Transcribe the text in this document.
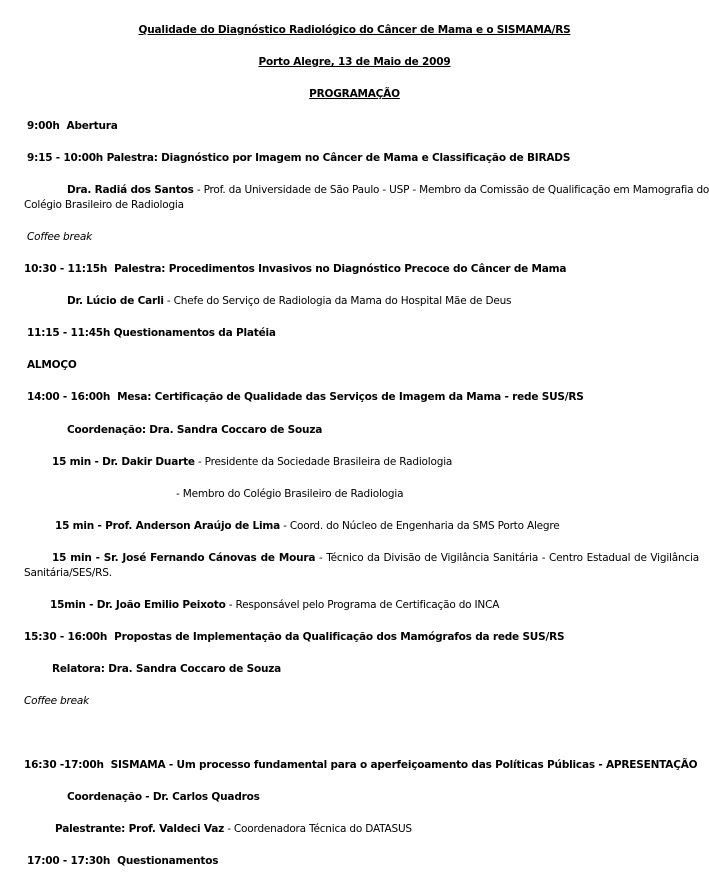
Qualidade do Diagnóstico Radiológico do Câncer de Mama e o SISMAMA/RS
Porto Alegre, 13 de Maio de 2009
PROGRAMAÇÃO
9:00h Abertura
9:15 - 10:00h Palestra: Diagnóstico por Imagem no Câncer de Mama e Classificação de BIRADS
Dra. Radiá dos Santos - Prof. da Universidade de São Paulo - USP - Membro da Comissão de Qualificação em Mamografia do
Colégio Brasileiro de Radiologia
Coffee break
10:30 - 11:15h Palestra: Procedimentos Invasivos no Diagnóstico Precoce do Câncer de Mama
Dr. Lúcio de Carli - Chefe do Serviço de Radiologia da Mama do Hospital Mãe de Deus
11:15 - 11:45h Questionamentos da Platéia
ALMOÇO
14:00 - 16:00h Mesa: Certificação de Qualidade das Serviços de Imagem da Mama - rede SUS/RS
Coordenação: Dra. Sandra Coccaro de Souza
15 min - Dr. Dakir Duarte - Presidente da Sociedade Brasileira de Radiologia
- Membro do Colégio Brasileiro de Radiologia
15 min - Prof. Anderson Araújo de Lima - Coord. do Núcleo de Engenharia da SMS Porto Alegre
15 min - Sr. José Fernando Cánovas de Moura - Técnico da Divisão de Vigilância Sanitária - Centro Estadual de Vigilância
Sanitária/SES/RS.
15min - Dr. João Emilio Peixoto - Responsável pelo Programa de Certificação do INCA
15:30 - 16:00h Propostas de Implementação da Qualificação dos Mamógrafos da rede SUS/RS
Relatora: Dra. Sandra Coccaro de Souza
Coffee break
16:30 -17:00h SISMAMA - Um processo fundamental para o aperfeiçoamento das Políticas Públicas - APRESENTAÇÃO
Coordenação - Dr. Carlos Quadros
Palestrante: Prof. Valdeci Vaz - Coordenadora Técnica do DATASUS
17:00 - 17:30h Questionamentos
